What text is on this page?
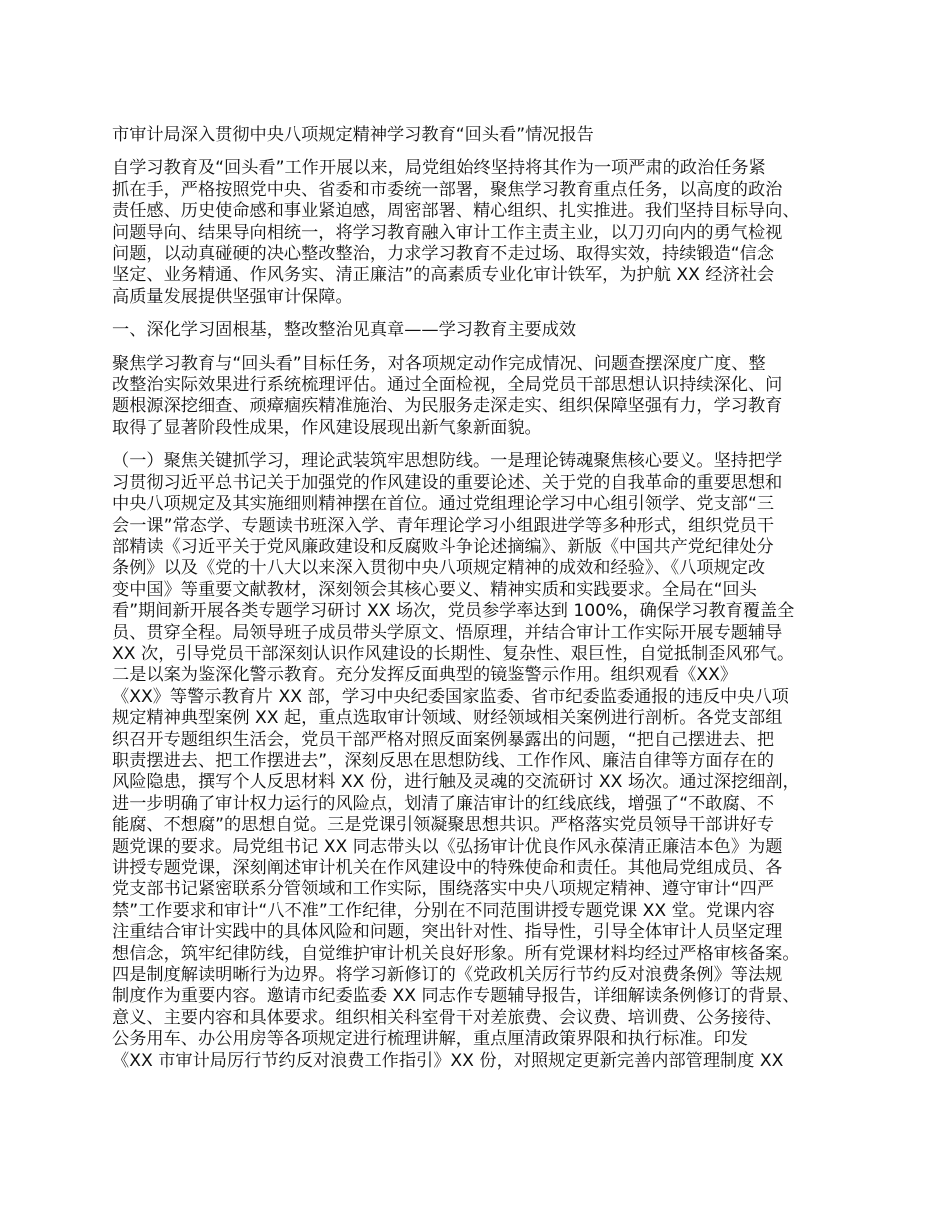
市审计局深入贯彻中央八项规定精神学习教育“回头看”情况报告
自学习教育及“回头看”工作开展以来，局党组始终坚持将其作为一项严肃的政治任务紧
抓在手，严格按照党中央、省委和市委统一部署，聚焦学习教育重点任务，以高度的政治
责任感、历史使命感和事业紧迫感，周密部署、精心组织、扎实推进。我们坚持目标导向、
问题导向、结果导向相统一，将学习教育融入审计工作主责主业，以刀刃向内的勇气检视
问题，以动真碰硬的决心整改整治，力求学习教育不走过场、取得实效，持续锻造“信念
坚定、业务精通、作风务实、清正廉洁”的高素质专业化审计铁军，为护航 XX 经济社会
高质量发展提供坚强审计保障。
一、深化学习固根基，整改整治见真章——学习教育主要成效
聚焦学习教育与“回头看”目标任务，对各项规定动作完成情况、问题查摆深度广度、整
改整治实际效果进行系统梳理评估。通过全面检视，全局党员干部思想认识持续深化、问
题根源深挖细查、顽瘴痼疾精准施治、为民服务走深走实、组织保障坚强有力，学习教育
取得了显著阶段性成果，作风建设展现出新气象新面貌。
（一）聚焦关键抓学习，理论武装筑牢思想防线。一是理论铸魂聚焦核心要义。坚持把学
习贯彻习近平总书记关于加强党的作风建设的重要论述、关于党的自我革命的重要思想和
中央八项规定及其实施细则精神摆在首位。通过党组理论学习中心组引领学、党支部“三
会一课”常态学、专题读书班深入学、青年理论学习小组跟进学等多种形式，组织党员干
部精读《习近平关于党风廉政建设和反腐败斗争论述摘编》、新版《中国共产党纪律处分
条例》以及《党的十八大以来深入贯彻中央八项规定精神的成效和经验》、《八项规定改
变中国》等重要文献教材，深刻领会其核心要义、精神实质和实践要求。全局在“回头
看”期间新开展各类专题学习研讨 XX 场次，党员参学率达到 100%，确保学习教育覆盖全
员、贯穿全程。局领导班子成员带头学原文、悟原理，并结合审计工作实际开展专题辅导
XX 次，引导党员干部深刻认识作风建设的长期性、复杂性、艰巨性，自觉抵制歪风邪气。
二是以案为鉴深化警示教育。充分发挥反面典型的镜鉴警示作用。组织观看《XX》
《XX》等警示教育片 XX 部，学习中央纪委国家监委、省市纪委监委通报的违反中央八项
规定精神典型案例 XX 起，重点选取审计领域、财经领域相关案例进行剖析。各党支部组
织召开专题组织生活会，党员干部严格对照反面案例暴露出的问题，“把自己摆进去、把
职责摆进去、把工作摆进去”，深刻反思在思想防线、工作作风、廉洁自律等方面存在的
风险隐患，撰写个人反思材料 XX 份，进行触及灵魂的交流研讨 XX 场次。通过深挖细剖，
进一步明确了审计权力运行的风险点，划清了廉洁审计的红线底线，增强了“不敢腐、不
能腐、不想腐”的思想自觉。三是党课引领凝聚思想共识。严格落实党员领导干部讲好专
题党课的要求。局党组书记 XX 同志带头以《弘扬审计优良作风永葆清正廉洁本色》为题
讲授专题党课，深刻阐述审计机关在作风建设中的特殊使命和责任。其他局党组成员、各
党支部书记紧密联系分管领域和工作实际，围绕落实中央八项规定精神、遵守审计“四严
禁”工作要求和审计“八不准”工作纪律，分别在不同范围讲授专题党课 XX 堂。党课内容
注重结合审计实践中的具体风险和问题，突出针对性、指导性，引导全体审计人员坚定理
想信念，筑牢纪律防线，自觉维护审计机关良好形象。所有党课材料均经过严格审核备案。
四是制度解读明晰行为边界。将学习新修订的《党政机关厉行节约反对浪费条例》等法规
制度作为重要内容。邀请市纪委监委 XX 同志作专题辅导报告，详细解读条例修订的背景、
意义、主要内容和具体要求。组织相关科室骨干对差旅费、会议费、培训费、公务接待、
公务用车、办公用房等各项规定进行梳理讲解，重点厘清政策界限和执行标准。印发
《XX 市审计局厉行节约反对浪费工作指引》XX 份，对照规定更新完善内部管理制度 XX
